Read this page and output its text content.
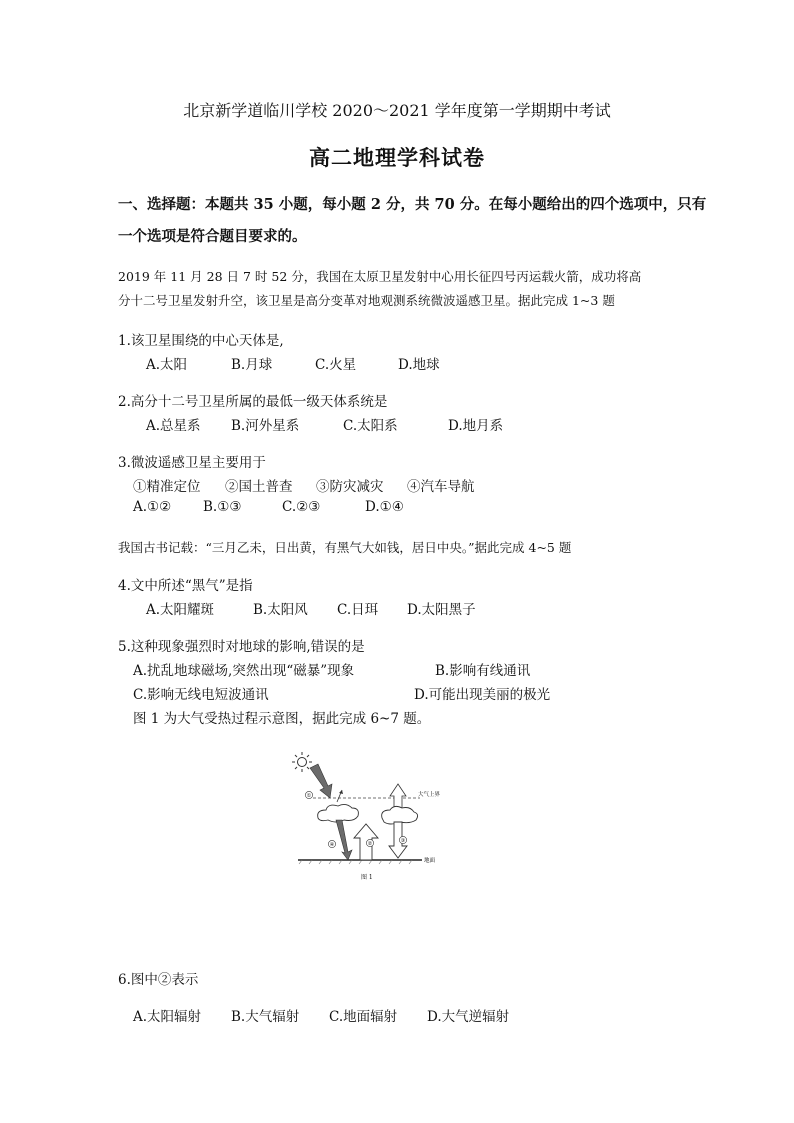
北京新学道临川学校 2020～2021 学年度第一学期期中考试
高二地理学科试卷
一、选择题：本题共 35 小题，每小题 2 分，共 70 分。在每小题给出的四个选项中，只有
一个选项是符合题目要求的。
2019 年 11 月 28 日 7 时 52 分，我国在太原卫星发射中心用长征四号丙运载火箭，成功将高
分十二号卫星发射升空，该卫星是高分变革对地观测系统微波遥感卫星。据此完成 1~3 题
1.该卫星围绕的中心天体是,
A.太阳	B.月球	C.火星	D.地球
2.高分十二号卫星所属的最低一级天体系统是
A.总星系 B.河外星系	C.太阳系	D.地月系
3.微波遥感卫星主要用于
①精准定位 ②国土普查 ③防灾减灾 ④汽车导航
A.①② B.①③	C.②③	D.①④
我国古书记载：“三月乙未，日出黄，有黑气大如钱，居日中央。”据此完成 4~5 题
4.文中所述“黑气”是指
A.太阳耀斑	B.太阳风 C.日珥 D.太阳黑子
5.这种现象强烈时对地球的影响,错误的是
A.扰乱地球磁场,突然出现“磁暴”现象	B.影响有线通讯
C.影响无线电短波通讯	D.可能出现美丽的极光
图 1 为大气受热过程示意图，据此完成 6~7 题。
①
②	③
④
大气上界
地面
图 1
6.图中②表示
A.太阳辐射 B.大气辐射 C.地面辐射 D.大气逆辐射
